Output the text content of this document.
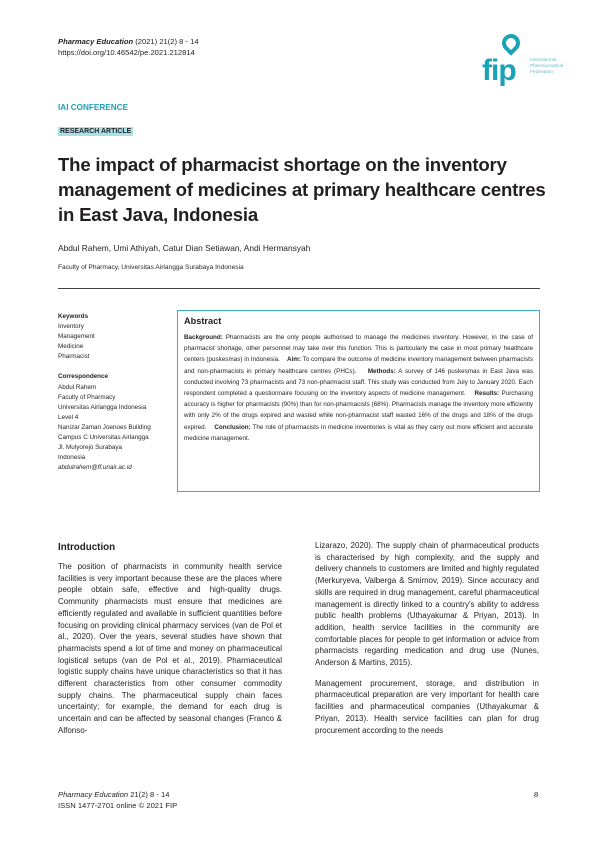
Pharmacy Education (2021) 21(2) 8 - 14
https://doi.org/10.46542/pe.2021.212814
fip	International Pharmaceutical Federation
IAI CONFERENCE
RESEARCH ARTICLE
The impact of pharmacist shortage on the inventory management of medicines at primary healthcare centres in East Java, Indonesia
Abdul Rahem, Umi Athiyah, Catur Dian Setiawan, Andi Hermansyah
Faculty of Pharmacy, Universitas Airlangga Surabaya Indonesia
Keywords
Inventory
Management
Medicine
Pharmacist
Correspondence
Abdul Rahem
Faculty of Pharmacy
Universitas Airlangga Indonesia
Level 4
Nanizar Zaman Joenoes Building
Campus C Universitas Airlangga
Jl. Mulyorejo Surabaya
Indonesia
abdulrahem@ff.unair.ac.id
Abstract

Background: Pharmacists are the only people authorised to manage the medicines inventory. However, in the case of pharmacist shortage, other personnel may take over this function. This is particularly the case in most primary healthcare centers (puskesmas) in Indonesia. Aim: To compare the outcome of medicine inventory management between pharmacists and non-pharmacists in primary healthcare centres (PHCs). Methods: A survey of 146 puskesmas in East Java was conducted involving 73 pharmacists and 73 non-pharmacist staff. This study was conducted from July to January 2020. Each respondent completed a questionnaire focusing on the inventory aspects of medicine management. Results: Purchasing accuracy is higher for pharmacists (90%) than for non-pharmacists (68%). Pharmacists manage the inventory more efficiently with only 2% of the drugs expired and wasted while non-pharmacist staff wasted 16% of the drugs and 18% of the drugs expired. Conclusion: The role of pharmacists in medicine inventories is vital as they carry out more efficient and accurate medicine management.

Introduction

The position of pharmacists in community health service facilities is very important because these are the places where people obtain safe, effective and high-quality drugs. Community pharmacists must ensure that medicines are efficiently regulated and available in sufficient quantities before focusing on providing clinical pharmacy services (van de Pol et al., 2020). Over the years, several studies have shown that pharmacists spend a lot of time and money on pharmaceutical logistical setups (van de Pol et al., 2019). Pharmaceutical logistic supply chains have unique characteristics so that it has different characteristics from other consumer commodity supply chains. The pharmaceutical supply chain faces uncertainty; for example, the demand for each drug is uncertain and can be affected by seasonal changes (Franco & Alfonso-

Lizarazo, 2020). The supply chain of pharmaceutical products is characterised by high complexity, and the supply and delivery channels to customers are limited and highly regulated (Merkuryeva, Valberga & Smirnov, 2019). Since accuracy and skills are required in drug management, careful pharmaceutical management is directly linked to a country's ability to address public health problems (Uthayakumar & Priyan, 2013). In addition, health service facilities in the community are comfortable places for people to get information or advice from pharmacists regarding medication and drug use (Nunes, Anderson & Martins, 2015).

Management procurement, storage, and distribution in pharmaceutical preparation are very important for health care facilities and pharmaceutical companies (Uthayakumar & Priyan, 2013). Health service facilities can plan for drug procurement according to the needs

Pharmacy Education 21(2) 8 - 14
ISSN 1477-2701 online © 2021 FIP
8
